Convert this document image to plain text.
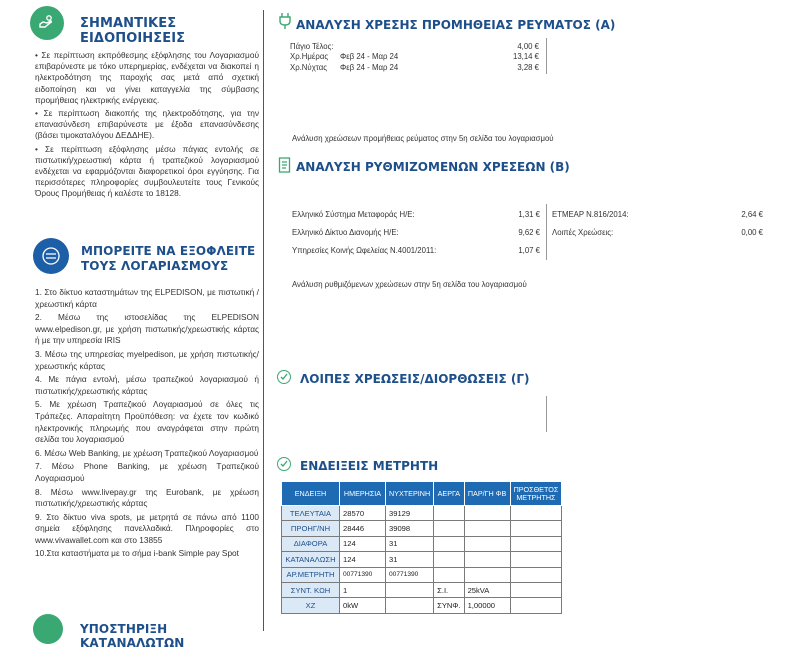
ΣΗΜΑΝΤΙΚΕΣ ΕΙΔΟΠΟΙΗΣΕΙΣ

• Σε περίπτωση εκπρόθεσμης εξόφλησης του Λογαριασμού επιβαρύνεστε με τόκο υπερημερίας, ενδέχεται να διακοπεί η ηλεκτροδότηση της παροχής σας μετά από σχετική ειδοποίηση και να γίνει καταγγελία της σύμβασης προμήθειας ηλεκτρικής ενέργειας.

• Σε περίπτωση διακοπής της ηλεκτροδότησης, για την επανασύνδεση επιβαρύνεστε με έξοδα επανασύνδεσης (βάσει τιμοκαταλόγου ΔΕΔΔΗΕ).

• Σε περίπτωση εξόφλησης μέσω πάγιας εντολής σε πιστωτική/χρεωστική κάρτα ή τραπεζικού λογαριασμού ενδέχεται να εφαρμόζονται διαφορετικοί όροι εγγύησης. Για περισσότερες πληροφορίες συμβουλευτείτε τους Γενικούς Όρους Προμήθειας ή καλέστε το 18128.

ΜΠΟΡΕΙΤΕ ΝΑ ΕΞΟΦΛΕΙΤΕ
ΤΟΥΣ ΛΟΓΑΡΙΑΣΜΟΥΣ

1. Στο δίκτυο καταστημάτων της ELPEDISON, με πιστωτική / χρεωστική κάρτα

2. Μέσω της ιστοσελίδας της ELPEDISON www.elpedison.gr, με χρήση πιστωτικής/χρεωστικής κάρτας ή με την υπηρεσία IRIS

3. Μέσω της υπηρεσίας myelpedison, με χρήση πιστωτικής/χρεωστικής κάρτας

4. Με πάγια εντολή, μέσω τραπεζικού λογαριασμού ή πιστωτικής/χρεωστικής κάρτας

5. Με χρέωση Τραπεζικού Λογαριασμού σε όλες τις Τράπεζες. Απαραίτητη Προϋπόθεση: να έχετε τον κωδικό ηλεκτρονικής πληρωμής που αναγράφεται στην πρώτη σελίδα του λογαριασμού

6. Μέσω Web Banking, με χρέωση Τραπεζικού Λογαριασμού

7. Μέσω Phone Banking, με χρέωση Τραπεζικού Λογαριασμού

8. Μέσω www.livepay.gr της Eurobank, με χρέωση πιστωτικής/χρεωστικής κάρτας

9. Στο δίκτυο viva spots, με μετρητά σε πάνω από 1100 σημεία εξόφλησης πανελλαδικά. Πληροφορίες στο www.vivawallet.com και στο 13855

10.Στα καταστήματα με το σήμα i-bank Simple pay Spot

ΥΠΟΣΤΗΡΙΞΗ ΚΑΤΑΝΑΛΩΤΩΝ
ΑΝΑΛΥΣΗ ΧΡΕΣΗΣ ΠΡΟΜΗΘΕΙΑΣ ΡΕΥΜΑΤΟΣ (Α)
Πάγιο Τέλος:	4,00 €
Χρ.Ημέρας Φεβ 24 - Μαρ 24	13,14 €
Χρ.Νύχτας Φεβ 24 - Μαρ 24	3,28 €
Ανάλυση χρεώσεων προμήθειας ρεύματος στην 5η σελίδα του λογαριασμού
ΑΝΑΛΥΣΗ ΡΥΘΜΙΖΟΜΕΝΩΝ ΧΡΕΣΕΩΝ (Β)
Ελληνικό Σύστημα Μεταφοράς Η/Ε:	1,31 €
Ελληνικό Δίκτυο Διανομής Η/Ε:	9,62 €
Υπηρεσίες Κοινής Ωφελείας Ν.4001/2011:	1,07 €
ΕΤΜΕΑΡ Ν.816/2014:	2,64 €
Λοιπές Χρεώσεις:	0,00 €
Ανάλυση ρυθμιζόμενων χρεώσεων στην 5η σελίδα του λογαριασμού
ΛΟΙΠΕΣ ΧΡΕΩΣΕΙΣ/ΔΙΟΡΘΩΣΕΙΣ (Γ)
ΕΝΔΕΙΞΕΙΣ ΜΕΤΡΗΤΗ
ΕΝΔΕΙΞΗ	ΗΜΕΡΗΣΙΑ	ΝΥΧΤΕΡΙΝΗ	ΑΕΡΓΑ	ΠΑΡ/ΓΗ ΦΒ	ΠΡΟΣΘΕΤΟΣ ΜΕΤΡΗΤΗΣ
ΤΕΛΕΥΤΑΙΑ	28570	39129			
ΠΡΟΗΓ/ΝΗ	28446	39098			
ΔΙΑΦΟΡΑ	124	31			
ΚΑΤΑΝΑΛΩΣΗ	124	31			
ΑΡ.ΜΕΤΡΗΤΗ	00771390	00771390			
ΣΥΝΤ. ΚΩΗ	1		Σ.Ι.	25kVA	
ΧΖ	0kW		ΣΥΝΦ.	1,00000	
